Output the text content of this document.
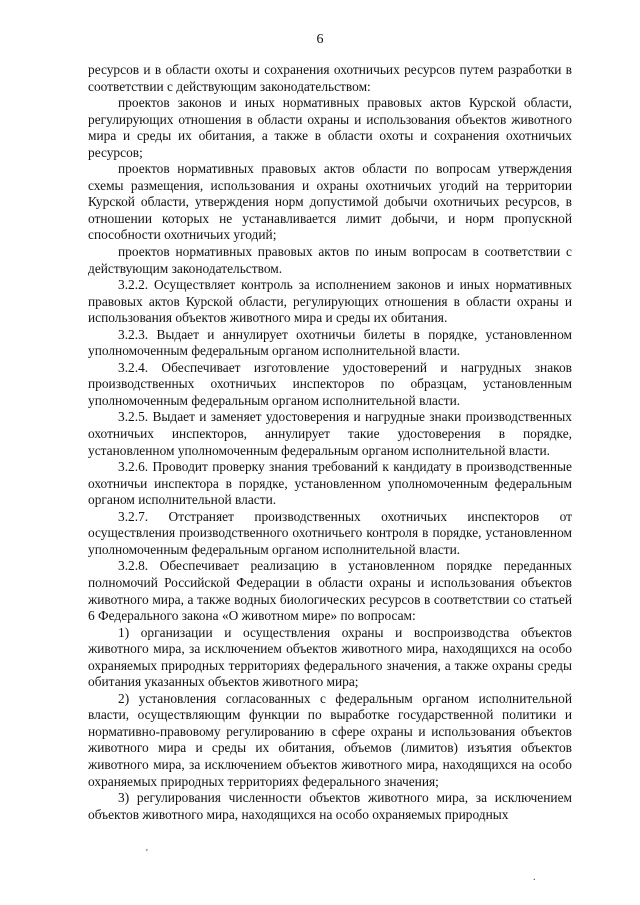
6

ресурсов и в области охоты и сохранения охотничьих ресурсов путем разработки в соответствии с действующим законодательством:

проектов законов и иных нормативных правовых актов Курской области, регулирующих отношения в области охраны и использования объектов животного мира и среды их обитания, а также в области охоты и сохранения охотничьих ресурсов;

проектов нормативных правовых актов области по вопросам утверждения схемы размещения, использования и охраны охотничьих угодий на территории Курской области, утверждения норм допустимой добычи охотничьих ресурсов, в отношении которых не устанавливается лимит добычи, и норм пропускной способности охотничьих угодий;

проектов нормативных правовых актов по иным вопросам в соответствии с действующим законодательством.

3.2.2. Осуществляет контроль за исполнением законов и иных нормативных правовых актов Курской области, регулирующих отношения в области охраны и использования объектов животного мира и среды их обитания.

3.2.3. Выдает и аннулирует охотничьи билеты в порядке, установленном уполномоченным федеральным органом исполнительной власти.

3.2.4. Обеспечивает изготовление удостоверений и нагрудных знаков производственных охотничьих инспекторов по образцам, установленным уполномоченным федеральным органом исполнительной власти.

3.2.5. Выдает и заменяет удостоверения и нагрудные знаки производственных охотничьих инспекторов, аннулирует такие удостоверения в порядке, установленном уполномоченным федеральным органом исполнительной власти.

3.2.6. Проводит проверку знания требований к кандидату в производственные охотничьи инспектора в порядке, установленном уполномоченным федеральным органом исполнительной власти.

3.2.7. Отстраняет производственных охотничьих инспекторов от осуществления производственного охотничьего контроля в порядке, установленном уполномоченным федеральным органом исполнительной власти.

3.2.8. Обеспечивает реализацию в установленном порядке переданных полномочий Российской Федерации в области охраны и использования объектов животного мира, а также водных биологических ресурсов в соответствии со статьей 6 Федерального закона «О животном мире» по вопросам:

1) организации и осуществления охраны и воспроизводства объектов животного мира, за исключением объектов животного мира, находящихся на особо охраняемых природных территориях федерального значения, а также охраны среды обитания указанных объектов животного мира;

2) установления согласованных с федеральным органом исполнительной власти, осуществляющим функции по выработке государственной политики и нормативно-правовому регулированию в сфере охраны и использования объектов животного мира и среды их обитания, объемов (лимитов) изъятия объектов животного мира, за исключением объектов животного мира, находящихся на особо охраняемых природных территориях федерального значения;

3) регулирования численности объектов животного мира, за исключением объектов животного мира, находящихся на особо охраняемых природных

'
.
